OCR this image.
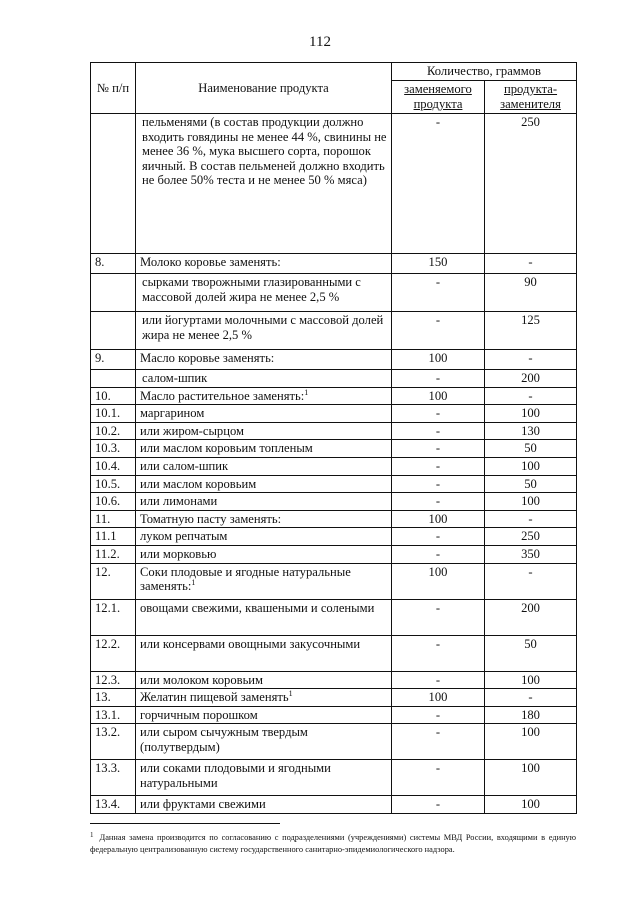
112
№ п/п	Наименование продукта	Количество, граммов	
		заменяемого продукта	продукта-заменителя
	пельменями (в состав продукции должно входить говядины не менее 44 %, свинины не менее 36 %, мука высшего сорта, порошок яичный. В состав пельменей должно входить не более 50% теста и не менее 50 % мяса)	-	250
8.	Молоко коровье заменять:	150	-
	сырками творожными глазированными с массовой долей жира не менее 2,5 %	-	90
	или йогуртами молочными с массовой долей жира не менее 2,5 %	-	125
9.	Масло коровье заменять:	100	-
	салом-шпик	-	200
10.	Масло растительное заменять:$^1$	100	-
10.1.	маргарином	-	100
10.2.	или жиром-сырцом	-	130
10.3.	или маслом коровьим топленым	-	50
10.4.	или салом-шпик	-	100
10.5.	или маслом коровьим	-	50
10.6.	или лимонами	-	100
11.	Томатную пасту заменять:	100	-
11.1	луком репчатым	-	250
11.2.	или морковью	-	350
12.	Соки плодовые и ягодные натуральные заменять:$^1$	100	-
12.1.	овощами свежими, квашеными и солеными	-	200
12.2.	или консервами овощными закусочными	-	50
12.3.	или молоком коровьим	-	100
13.	Желатин пищевой заменять$^1$	100	-
13.1.	горчичным порошком	-	180
13.2.	или сыром сычужным твердым (полутвердым)	-	100
13.3.	или соками плодовыми и ягодными натуральными	-	100
13.4.	или фруктами свежими	-	100
$^1$ Данная замена производится по согласованию с подразделениями (учреждениями) системы МВД России, входящими в единую федеральную централизованную систему государственного санитарно-эпидемиологического надзора.
